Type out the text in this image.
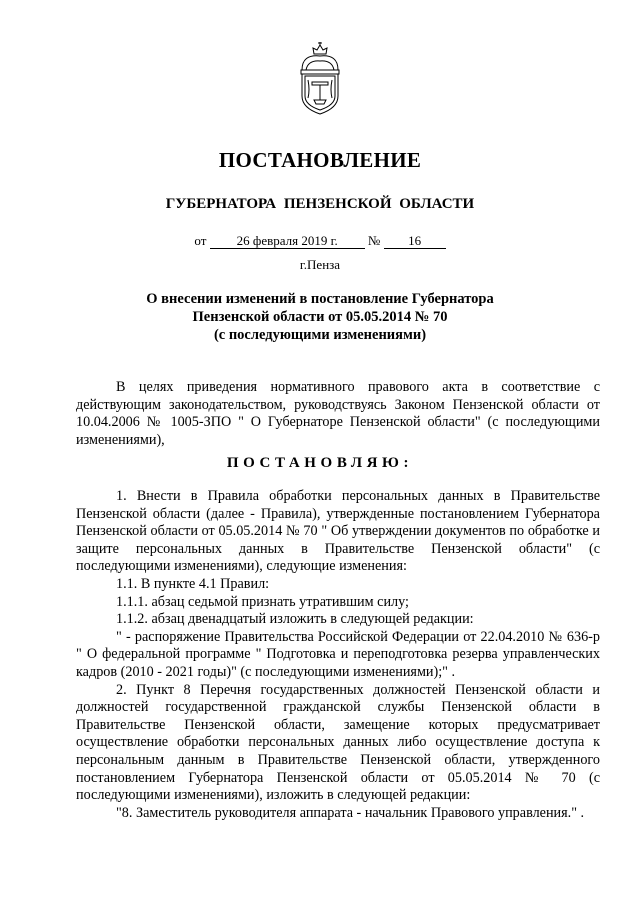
ПОСТАНОВЛЕНИЕ
ГУБЕРНАТОРА ПЕНЗЕНСКОЙ ОБЛАСТИ
от 26 февраля 2019 г. № 16
г.Пенза
О внесении изменений в постановление Губернатора
Пензенской области от 05.05.2014 № 70
(с последующими изменениями)

В целях приведения нормативного правового акта в соответствие с действующим законодательством, руководствуясь Законом Пензенской области от 10.04.2006 № 1005-ЗПО " О Губернаторе Пензенской области" (с последующими изменениями),

ПОСТАНОВЛЯЮ:

1. Внести в Правила обработки персональных данных в Правительстве Пензенской области (далее - Правила), утвержденные постановлением Губернатора Пензенской области от 05.05.2014 № 70 " Об утверждении документов по обработке и защите персональных данных в Правительстве Пензенской области" (с последующими изменениями), следующие изменения:

1.1. В пункте 4.1 Правил:

1.1.1. абзац седьмой признать утратившим силу;

1.1.2. абзац двенадцатый изложить в следующей редакции:

" - распоряжение Правительства Российской Федерации от 22.04.2010 № 636-р " О федеральной программе " Подготовка и переподготовка резерва управленческих кадров (2010 - 2021 годы)" (с последующими изменениями);" .

2. Пункт 8 Перечня государственных должностей Пензенской области и должностей государственной гражданской службы Пензенской области в Правительстве Пензенской области, замещение которых предусматривает осуществление обработки персональных данных либо осуществление доступа к персональным данным в Правительстве Пензенской области, утвержденного постановлением Губернатора Пензенской области от 05.05.2014 № 70 (с последующими изменениями), изложить в следующей редакции:

"8. Заместитель руководителя аппарата - начальник Правового управления." .
